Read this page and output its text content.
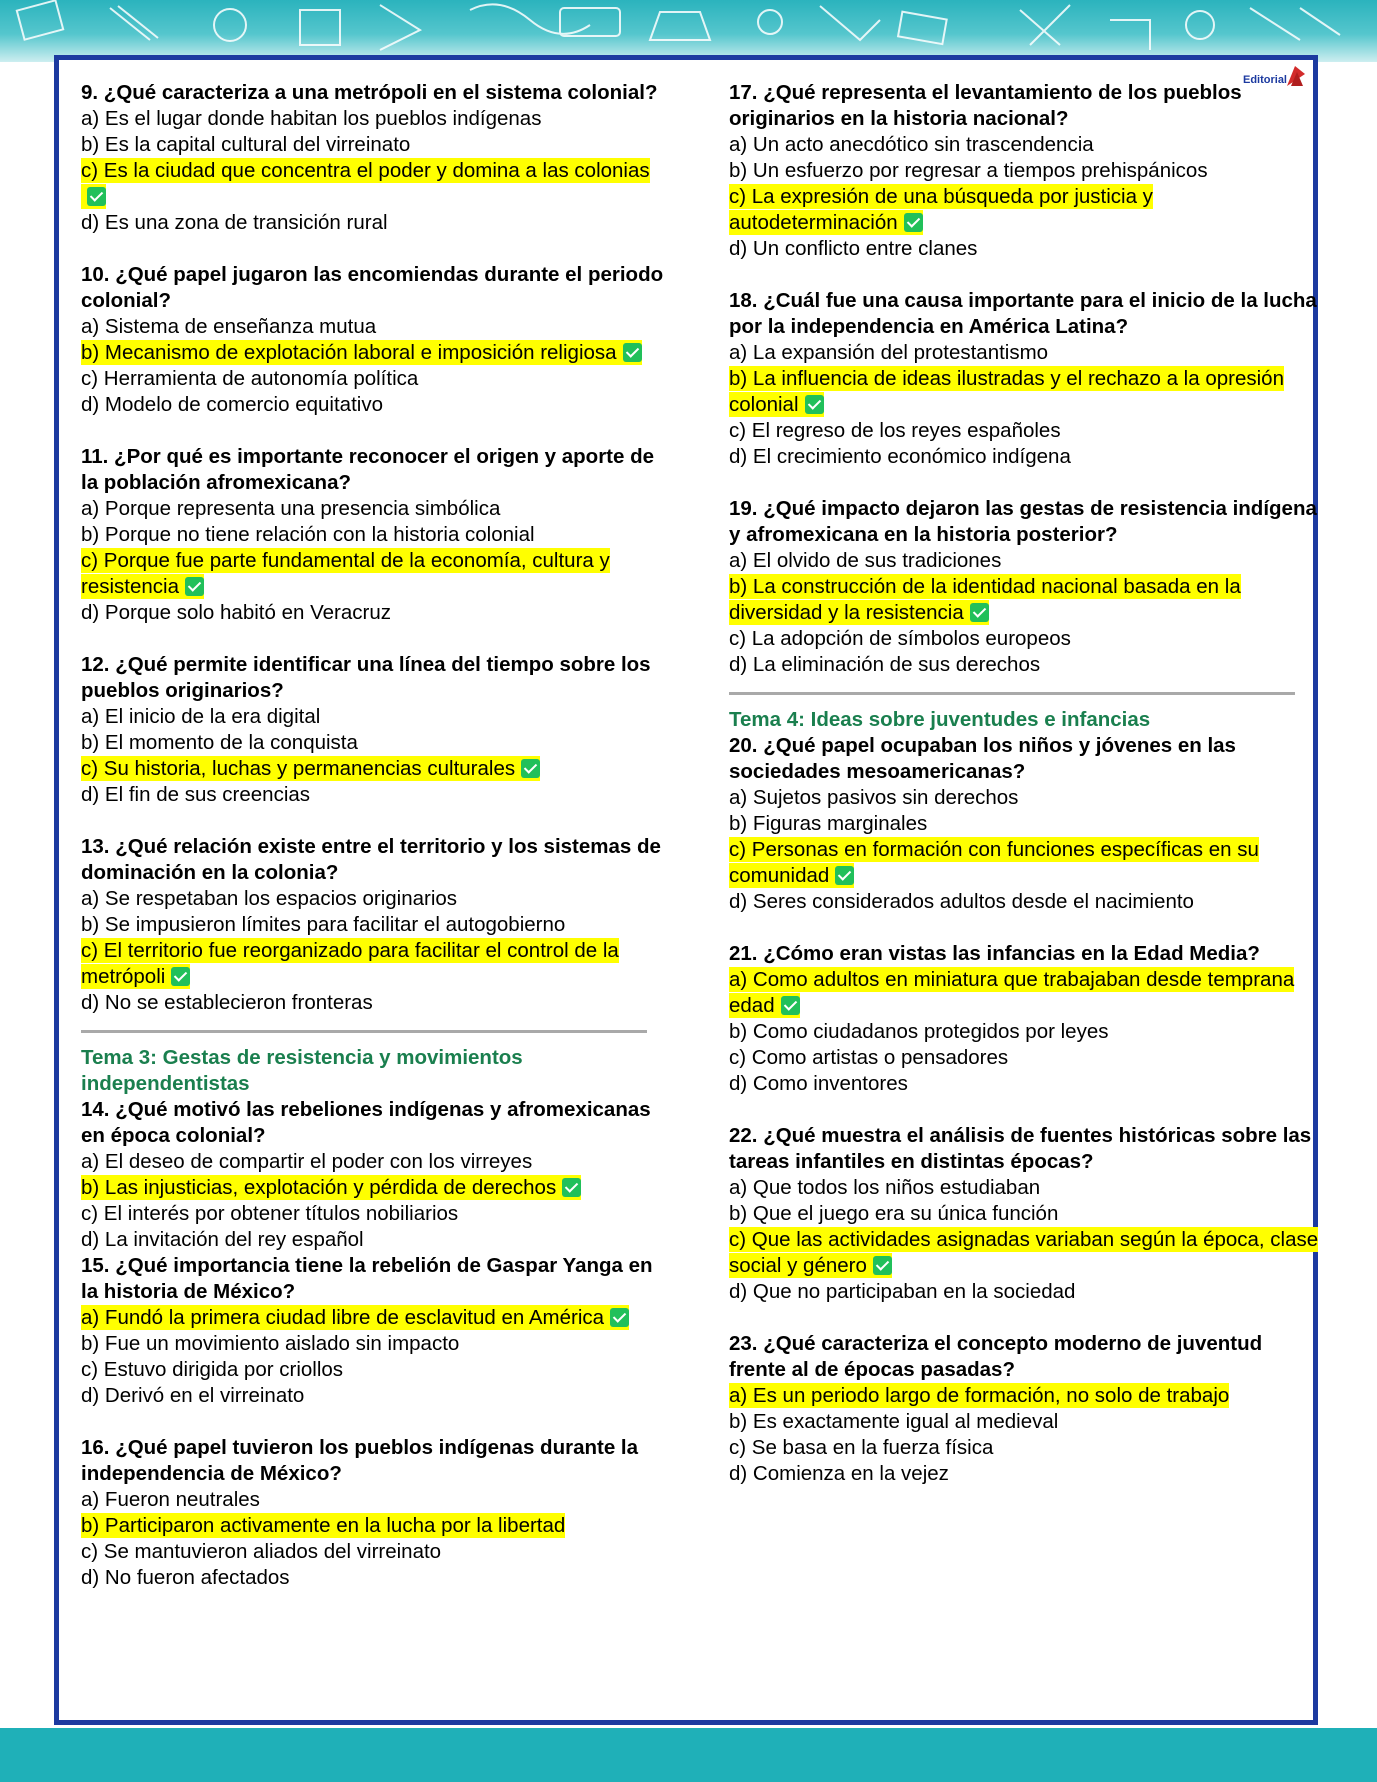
Editorial
9. ¿Qué caracteriza a una metrópoli en el sistema colonial?
a) Es el lugar donde habitan los pueblos indígenas
b) Es la capital cultural del virreinato
c) Es la ciudad que concentra el poder y domina a las colonias
d) Es una zona de transición rural
10. ¿Qué papel jugaron las encomiendas durante el periodo colonial?
a) Sistema de enseñanza mutua
b) Mecanismo de explotación laboral e imposición religiosa
c) Herramienta de autonomía política
d) Modelo de comercio equitativo
11. ¿Por qué es importante reconocer el origen y aporte de la población afromexicana?
a) Porque representa una presencia simbólica
b) Porque no tiene relación con la historia colonial
c) Porque fue parte fundamental de la economía, cultura y resistencia
d) Porque solo habitó en Veracruz
12. ¿Qué permite identificar una línea del tiempo sobre los pueblos originarios?
a) El inicio de la era digital
b) El momento de la conquista
c) Su historia, luchas y permanencias culturales
d) El fin de sus creencias
13. ¿Qué relación existe entre el territorio y los sistemas de dominación en la colonia?
a) Se respetaban los espacios originarios
b) Se impusieron límites para facilitar el autogobierno
c) El territorio fue reorganizado para facilitar el control de la metrópoli
d) No se establecieron fronteras
Tema 3: Gestas de resistencia y movimientos independentistas
14. ¿Qué motivó las rebeliones indígenas y afromexicanas en época colonial?
a) El deseo de compartir el poder con los virreyes
b) Las injusticias, explotación y pérdida de derechos
c) El interés por obtener títulos nobiliarios
d) La invitación del rey español
15. ¿Qué importancia tiene la rebelión de Gaspar Yanga en la historia de México?
a) Fundó la primera ciudad libre de esclavitud en América
b) Fue un movimiento aislado sin impacto
c) Estuvo dirigida por criollos
d) Derivó en el virreinato
16. ¿Qué papel tuvieron los pueblos indígenas durante la independencia de México?
a) Fueron neutrales
b) Participaron activamente en la lucha por la libertad
c) Se mantuvieron aliados del virreinato
d) No fueron afectados
17. ¿Qué representa el levantamiento de los pueblos originarios en la historia nacional?
a) Un acto anecdótico sin trascendencia
b) Un esfuerzo por regresar a tiempos prehispánicos
c) La expresión de una búsqueda por justicia y autodeterminación
d) Un conflicto entre clanes
18. ¿Cuál fue una causa importante para el inicio de la lucha por la independencia en América Latina?
a) La expansión del protestantismo
b) La influencia de ideas ilustradas y el rechazo a la opresión colonial
c) El regreso de los reyes españoles
d) El crecimiento económico indígena
19. ¿Qué impacto dejaron las gestas de resistencia indígena y afromexicana en la historia posterior?
a) El olvido de sus tradiciones
b) La construcción de la identidad nacional basada en la diversidad y la resistencia
c) La adopción de símbolos europeos
d) La eliminación de sus derechos
Tema 4: Ideas sobre juventudes e infancias
20. ¿Qué papel ocupaban los niños y jóvenes en las sociedades mesoamericanas?
a) Sujetos pasivos sin derechos
b) Figuras marginales
c) Personas en formación con funciones específicas en su comunidad
d) Seres considerados adultos desde el nacimiento
21. ¿Cómo eran vistas las infancias en la Edad Media?
a) Como adultos en miniatura que trabajaban desde temprana edad
b) Como ciudadanos protegidos por leyes
c) Como artistas o pensadores
d) Como inventores
22. ¿Qué muestra el análisis de fuentes históricas sobre las tareas infantiles en distintas épocas?
a) Que todos los niños estudiaban
b) Que el juego era su única función
c) Que las actividades asignadas variaban según la época, clase social y género
d) Que no participaban en la sociedad
23. ¿Qué caracteriza el concepto moderno de juventud frente al de épocas pasadas?
a) Es un periodo largo de formación, no solo de trabajo
b) Es exactamente igual al medieval
c) Se basa en la fuerza física
d) Comienza en la vejez
